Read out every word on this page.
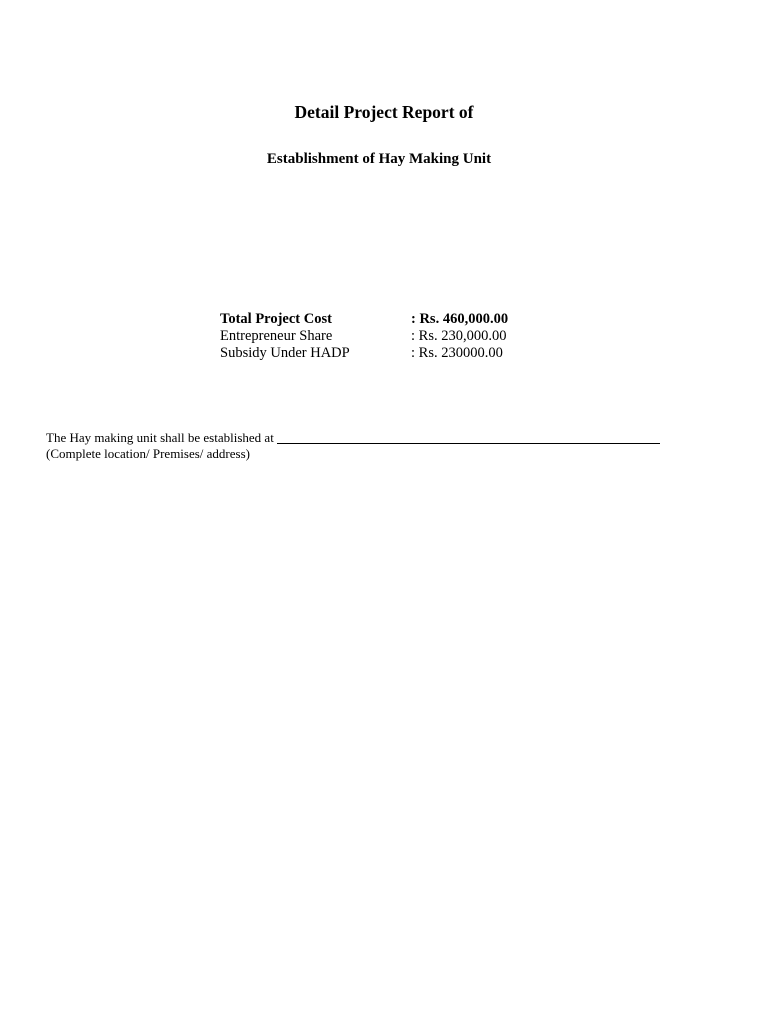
Detail Project Report of
Establishment of Hay Making Unit
Total Project Cost	: Rs. 460,000.00
Entrepreneur Share	: Rs. 230,000.00
Subsidy Under HADP	: Rs. 230000.00
The Hay making unit shall be established at
(Complete location/ Premises/ address)
